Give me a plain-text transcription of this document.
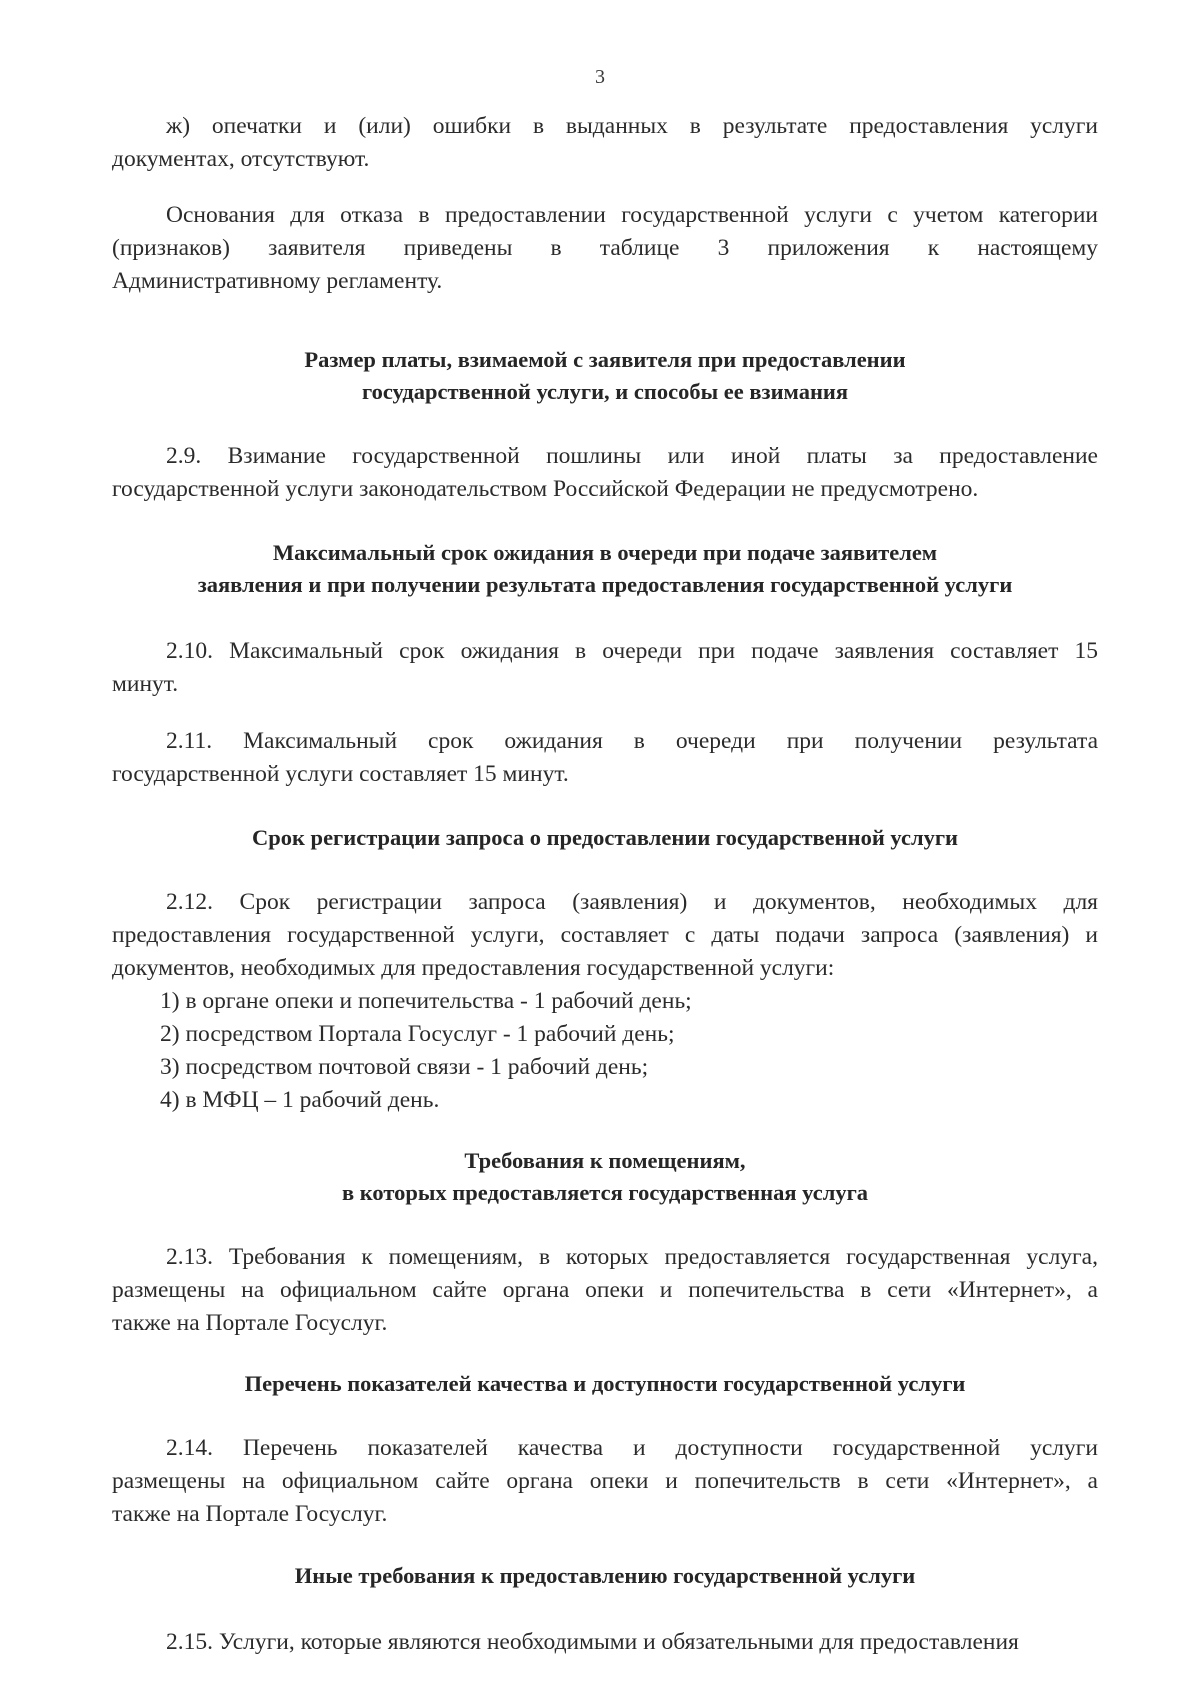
3
ж) опечатки и (или) ошибки в выданных в результате предоставления услуги
документах, отсутствуют.
Основания для отказа в предоставлении государственной услуги с учетом категории
(признаков) заявителя приведены в таблице 3 приложения к настоящему
Административному регламенту.
Размер платы, взимаемой с заявителя при предоставлении
государственной услуги, и способы ее взимания
2.9. Взимание государственной пошлины или иной платы за предоставление
государственной услуги законодательством Российской Федерации не предусмотрено.
Максимальный срок ожидания в очереди при подаче заявителем
заявления и при получении результата предоставления государственной услуги
2.10. Максимальный срок ожидания в очереди при подаче заявления составляет 15
минут.
2.11. Максимальный срок ожидания в очереди при получении результата
государственной услуги составляет 15 минут.
Срок регистрации запроса о предоставлении государственной услуги
2.12. Срок регистрации запроса (заявления) и документов, необходимых для
предоставления государственной услуги, составляет с даты подачи запроса (заявления) и
документов, необходимых для предоставления государственной услуги:
1) в органе опеки и попечительства - 1 рабочий день;
2) посредством Портала Госуслуг - 1 рабочий день;
3) посредством почтовой связи - 1 рабочий день;
4) в МФЦ – 1 рабочий день.
Требования к помещениям,
в которых предоставляется государственная услуга
2.13. Требования к помещениям, в которых предоставляется государственная услуга,
размещены на официальном сайте органа опеки и попечительства в сети «Интернет», а
также на Портале Госуслуг.
Перечень показателей качества и доступности государственной услуги
2.14. Перечень показателей качества и доступности государственной услуги
размещены на официальном сайте органа опеки и попечительств в сети «Интернет», а
также на Портале Госуслуг.
Иные требования к предоставлению государственной услуги
2.15. Услуги, которые являются необходимыми и обязательными для предоставления
